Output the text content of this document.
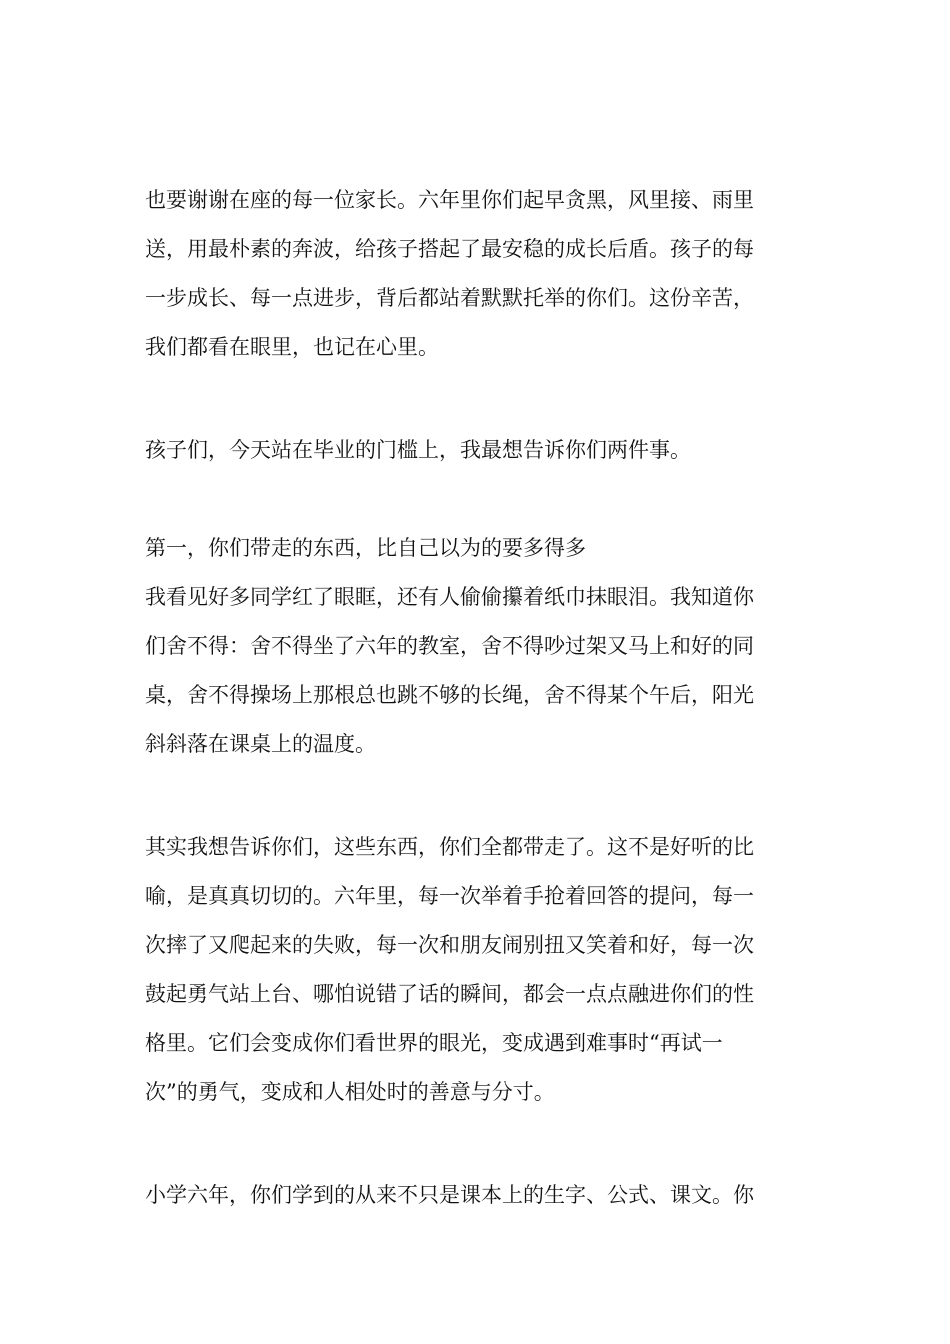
也要谢谢在座的每一位家长。六年里你们起早贪黑，风里接、雨里
送，用最朴素的奔波，给孩子搭起了最安稳的成长后盾。孩子的每
一步成长、每一点进步，背后都站着默默托举的你们。这份辛苦，
我们都看在眼里，也记在心里。
孩子们，今天站在毕业的门槛上，我最想告诉你们两件事。
第一，你们带走的东西，比自己以为的要多得多
我看见好多同学红了眼眶，还有人偷偷攥着纸巾抹眼泪。我知道你
们舍不得：舍不得坐了六年的教室，舍不得吵过架又马上和好的同
桌，舍不得操场上那根总也跳不够的长绳，舍不得某个午后，阳光
斜斜落在课桌上的温度。
其实我想告诉你们，这些东西，你们全都带走了。这不是好听的比
喻，是真真切切的。六年里，每一次举着手抢着回答的提问，每一
次摔了又爬起来的失败，每一次和朋友闹别扭又笑着和好，每一次
鼓起勇气站上台、哪怕说错了话的瞬间，都会一点点融进你们的性
格里。它们会变成你们看世界的眼光，变成遇到难事时“再试一
次”的勇气，变成和人相处时的善意与分寸。
小学六年，你们学到的从来不只是课本上的生字、公式、课文。你
